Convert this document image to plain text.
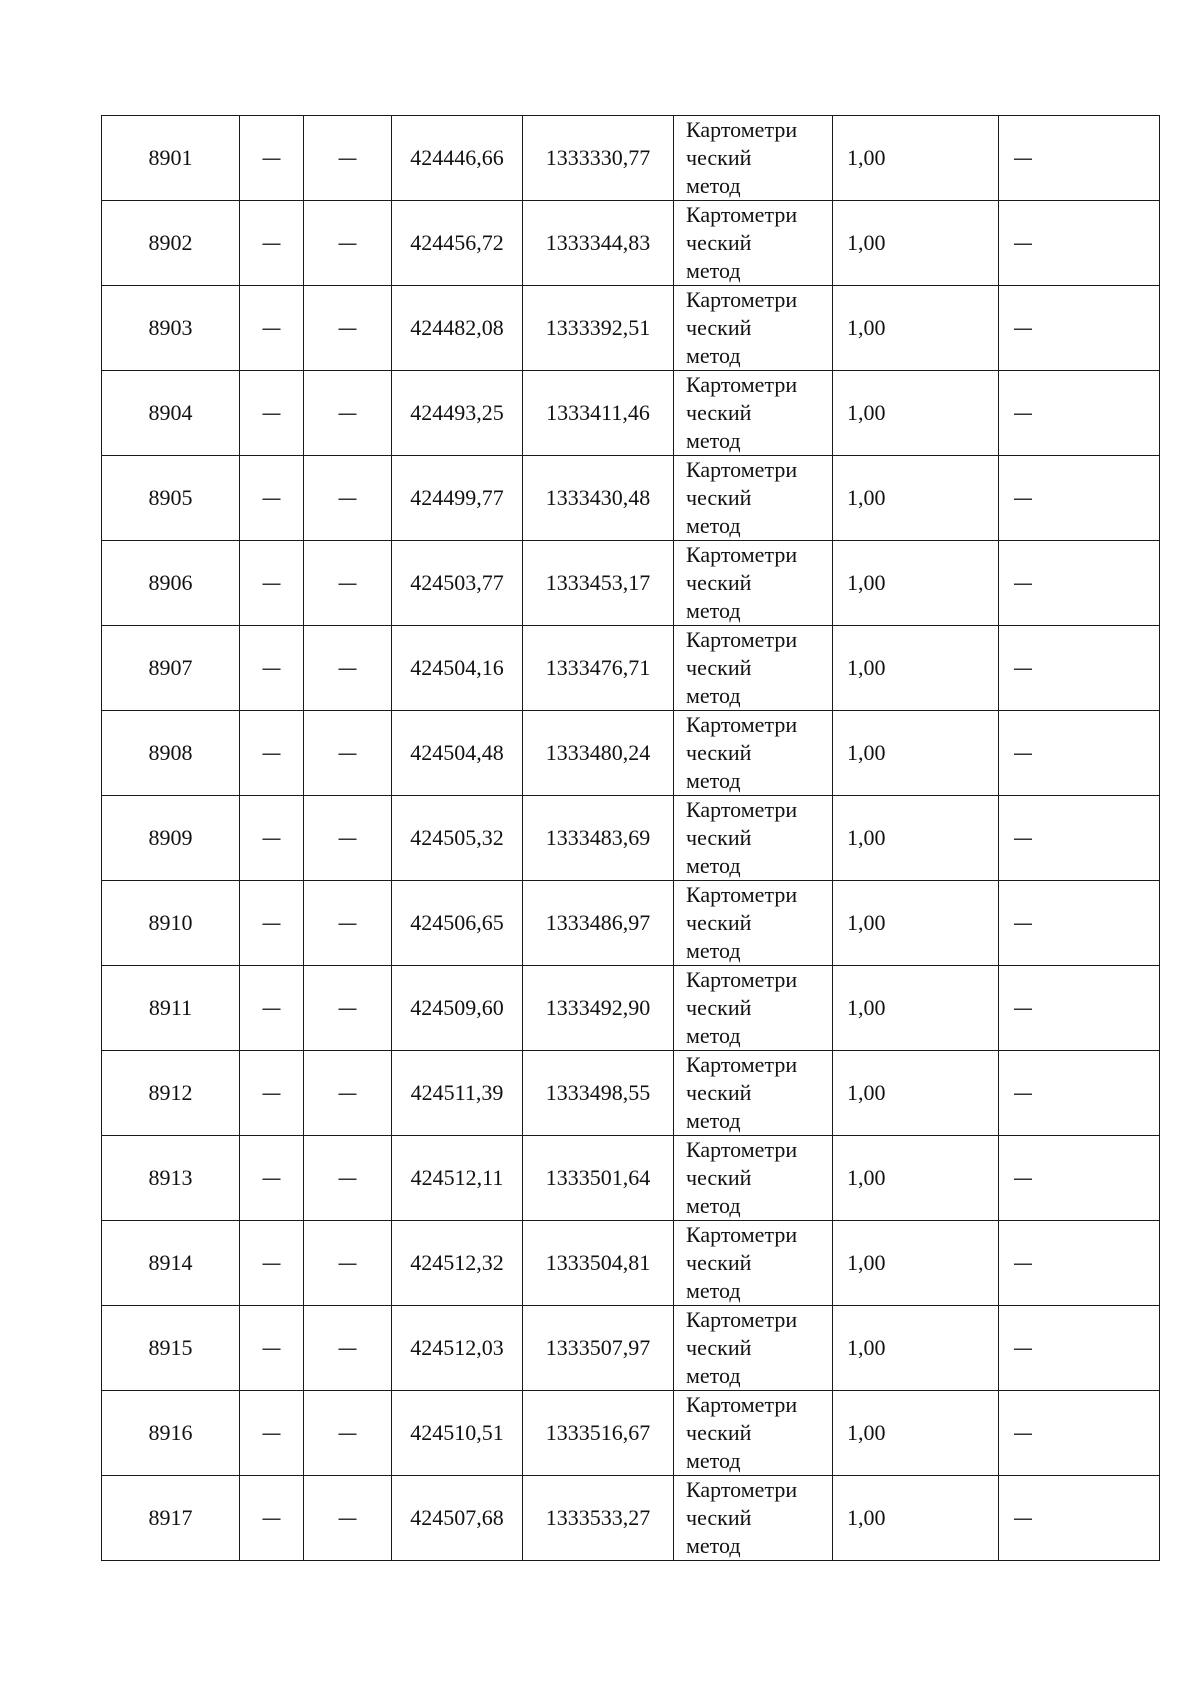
8901	—	—	424446,66	1333330,77	Картометри
ческий
метод	1,00	—
8902	—	—	424456,72	1333344,83	Картометри
ческий
метод	1,00	—
8903	—	—	424482,08	1333392,51	Картометри
ческий
метод	1,00	—
8904	—	—	424493,25	1333411,46	Картометри
ческий
метод	1,00	—
8905	—	—	424499,77	1333430,48	Картометри
ческий
метод	1,00	—
8906	—	—	424503,77	1333453,17	Картометри
ческий
метод	1,00	—
8907	—	—	424504,16	1333476,71	Картометри
ческий
метод	1,00	—
8908	—	—	424504,48	1333480,24	Картометри
ческий
метод	1,00	—
8909	—	—	424505,32	1333483,69	Картометри
ческий
метод	1,00	—
8910	—	—	424506,65	1333486,97	Картометри
ческий
метод	1,00	—
8911	—	—	424509,60	1333492,90	Картометри
ческий
метод	1,00	—
8912	—	—	424511,39	1333498,55	Картометри
ческий
метод	1,00	—
8913	—	—	424512,11	1333501,64	Картометри
ческий
метод	1,00	—
8914	—	—	424512,32	1333504,81	Картометри
ческий
метод	1,00	—
8915	—	—	424512,03	1333507,97	Картометри
ческий
метод	1,00	—
8916	—	—	424510,51	1333516,67	Картометри
ческий
метод	1,00	—
8917	—	—	424507,68	1333533,27	Картометри
ческий
метод	1,00	—
